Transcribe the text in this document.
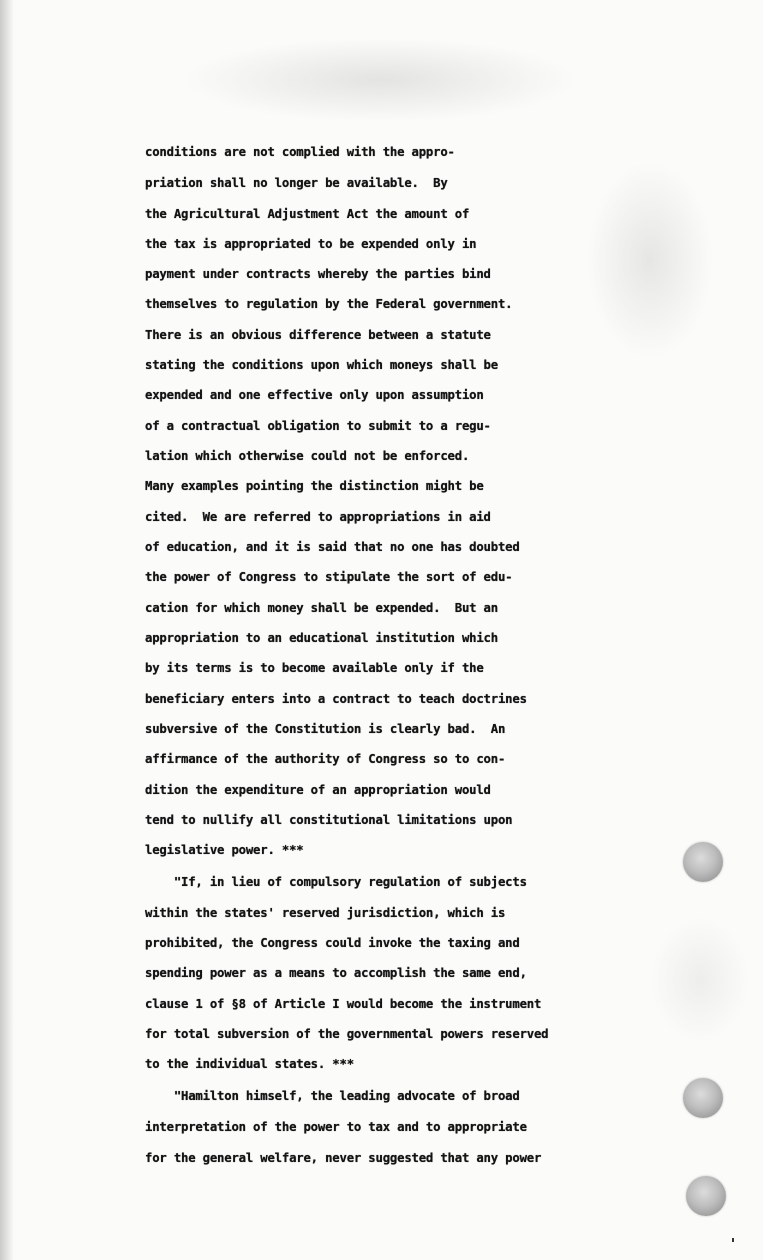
conditions are not complied with the appro-
priation shall no longer be available.  By
the Agricultural Adjustment Act the amount of
the tax is appropriated to be expended only in
payment under contracts whereby the parties bind
themselves to regulation by the Federal government.
There is an obvious difference between a statute
stating the conditions upon which moneys shall be
expended and one effective only upon assumption
of a contractual obligation to submit to a regu-
lation which otherwise could not be enforced.
Many examples pointing the distinction might be
cited.  We are referred to appropriations in aid
of education, and it is said that no one has doubted
the power of Congress to stipulate the sort of edu-
cation for which money shall be expended.  But an
appropriation to an educational institution which
by its terms is to become available only if the
beneficiary enters into a contract to teach doctrines
subversive of the Constitution is clearly bad.  An
affirmance of the authority of Congress so to con-
dition the expenditure of an appropriation would
tend to nullify all constitutional limitations upon
legislative power. ***
"If, in lieu of compulsory regulation of subjects
within the states' reserved jurisdiction, which is
prohibited, the Congress could invoke the taxing and
spending power as a means to accomplish the same end,
clause 1 of §8 of Article I would become the instrument
for total subversion of the governmental powers reserved
to the individual states. ***
"Hamilton himself, the leading advocate of broad
interpretation of the power to tax and to appropriate
for the general welfare, never suggested that any power
